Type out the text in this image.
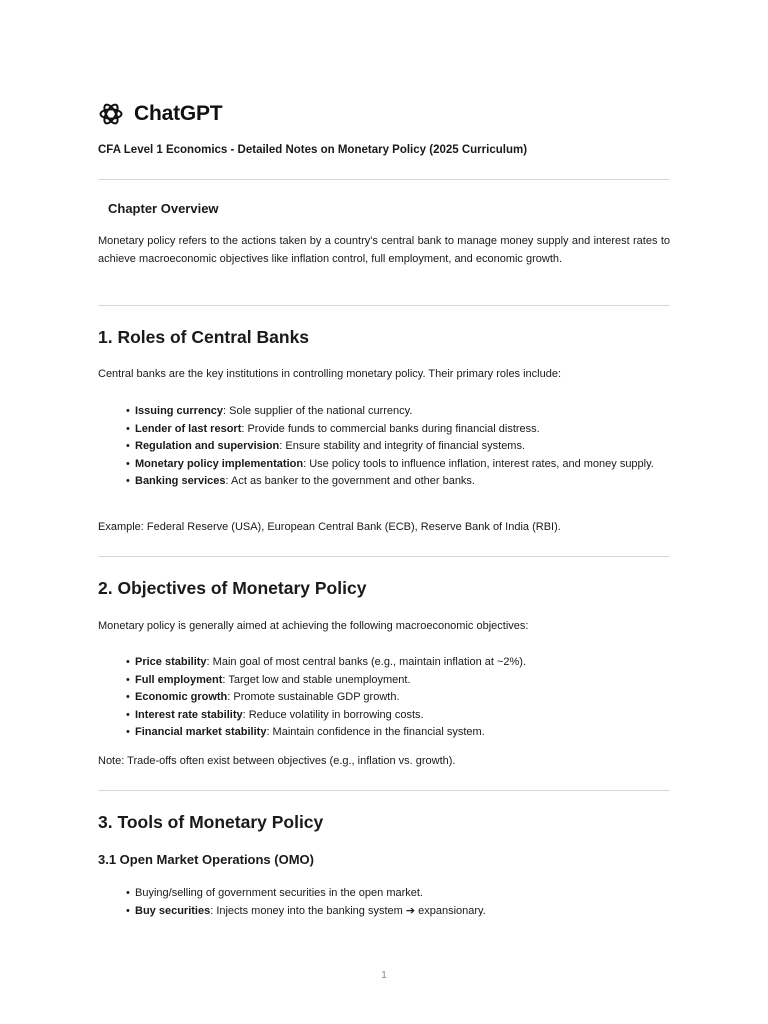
ChatGPT
CFA Level 1 Economics - Detailed Notes on Monetary Policy (2025 Curriculum)
Chapter Overview
Monetary policy refers to the actions taken by a country's central bank to manage money supply and interest rates to achieve macroeconomic objectives like inflation control, full employment, and economic growth.
1. Roles of Central Banks
Central banks are the key institutions in controlling monetary policy. Their primary roles include:
• Issuing currency: Sole supplier of the national currency.
• Lender of last resort: Provide funds to commercial banks during financial distress.
• Regulation and supervision: Ensure stability and integrity of financial systems.
• Monetary policy implementation: Use policy tools to influence inflation, interest rates, and money supply.
• Banking services: Act as banker to the government and other banks.
Example: Federal Reserve (USA), European Central Bank (ECB), Reserve Bank of India (RBI).
2. Objectives of Monetary Policy
Monetary policy is generally aimed at achieving the following macroeconomic objectives:
• Price stability: Main goal of most central banks (e.g., maintain inflation at ~2%).
• Full employment: Target low and stable unemployment.
• Economic growth: Promote sustainable GDP growth.
• Interest rate stability: Reduce volatility in borrowing costs.
• Financial market stability: Maintain confidence in the financial system.
Note: Trade-offs often exist between objectives (e.g., inflation vs. growth).
3. Tools of Monetary Policy
3.1 Open Market Operations (OMO)
• Buying/selling of government securities in the open market.
• Buy securities: Injects money into the banking system ➔ expansionary.
1
